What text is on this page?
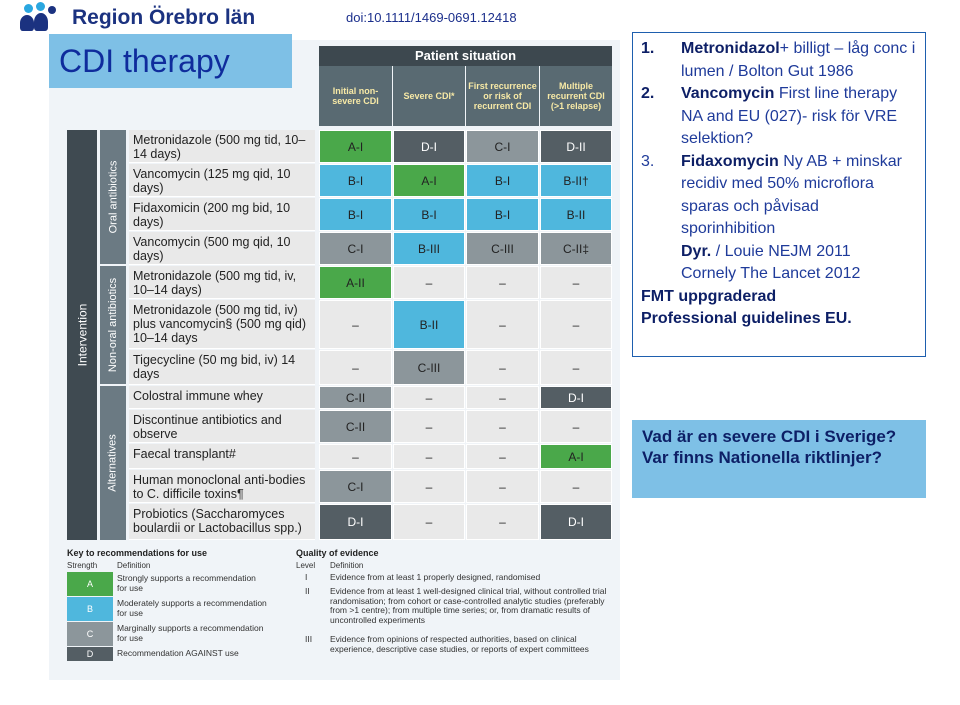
Region Örebro län	doi:10.1111/1469-0691.12418
CDI therapy	Patient situation
Initial non-severe CDI	Severe CDI*
First recurrence or risk of recurrent CDI
Multiple recurrent CDI (>1 relapse)
Intervention
Oral antibiotics
Non-oral antibiotics
Alternatives
Metronidazole (500 mg tid, 10–14 days)
A-I	D-I	C-I	D-II
Vancomycin (125 mg qid, 10 days)
B-I	A-I	B-I	B-II†
Fidaxomicin (200 mg bid, 10 days)
B-I	B-I	B-I	B-II
Vancomycin (500 mg qid, 10 days)
C-I	B-III	C-III	C-II‡
Metronidazole (500 mg tid, iv, 10–14 days)
A-II	–	–	–
Metronidazole (500 mg tid, iv) plus vancomycin§ (500 mg qid) 10–14 days
–	B-II	–	–
Tigecycline (50 mg bid, iv) 14 days	–	C-III	–	–
Colostral immune whey	C-II	–	–	D-I
Discontinue antibiotics and observe
C-II	–	–	–
Faecal transplant#	–	–	–	A-I
Human monoclonal anti-bodies to C. difficile toxins¶
C-I	–	–	–
Probiotics (Saccharomyces boulardii or Lactobacillus spp.)	D-I	–	–	D-I
Key to recommendations for use
Strength Definition
Quality of evidence
Level Definition
A
Strongly supports a recommendation for use
B
Moderately supports a recommendation for use
C
Marginally supports a recommendation for use
D	Recommendation AGAINST use
I	Evidence from at least 1 properly designed, randomised
II Evidence from at least 1 well-designed clinical trial, without controlled trial randomisation; from cohort or case-controlled analytic studies (preferably from >1 centre); from multiple time series; or, from dramatic results of uncontrolled experiments
III Evidence from opinions of respected authorities, based on clinical experience, descriptive case studies, or reports of expert committees
1.	Metronidazol+ billigt – låg conc i lumen / Bolton Gut 1986
2.	Vancomycin First line therapy NA and EU (027)- risk för VRE selektion?
3.	Fidaxomycin Ny AB + minskar recidiv med 50% microflora sparas och påvisad sporinhibition
Dyr. / Louie NEJM 2011
Cornely The Lancet 2012
FMT uppgraderad
Professional guidelines EU.
Vad är en severe CDI i Sverige?
Var finns Nationella riktlinjer?
